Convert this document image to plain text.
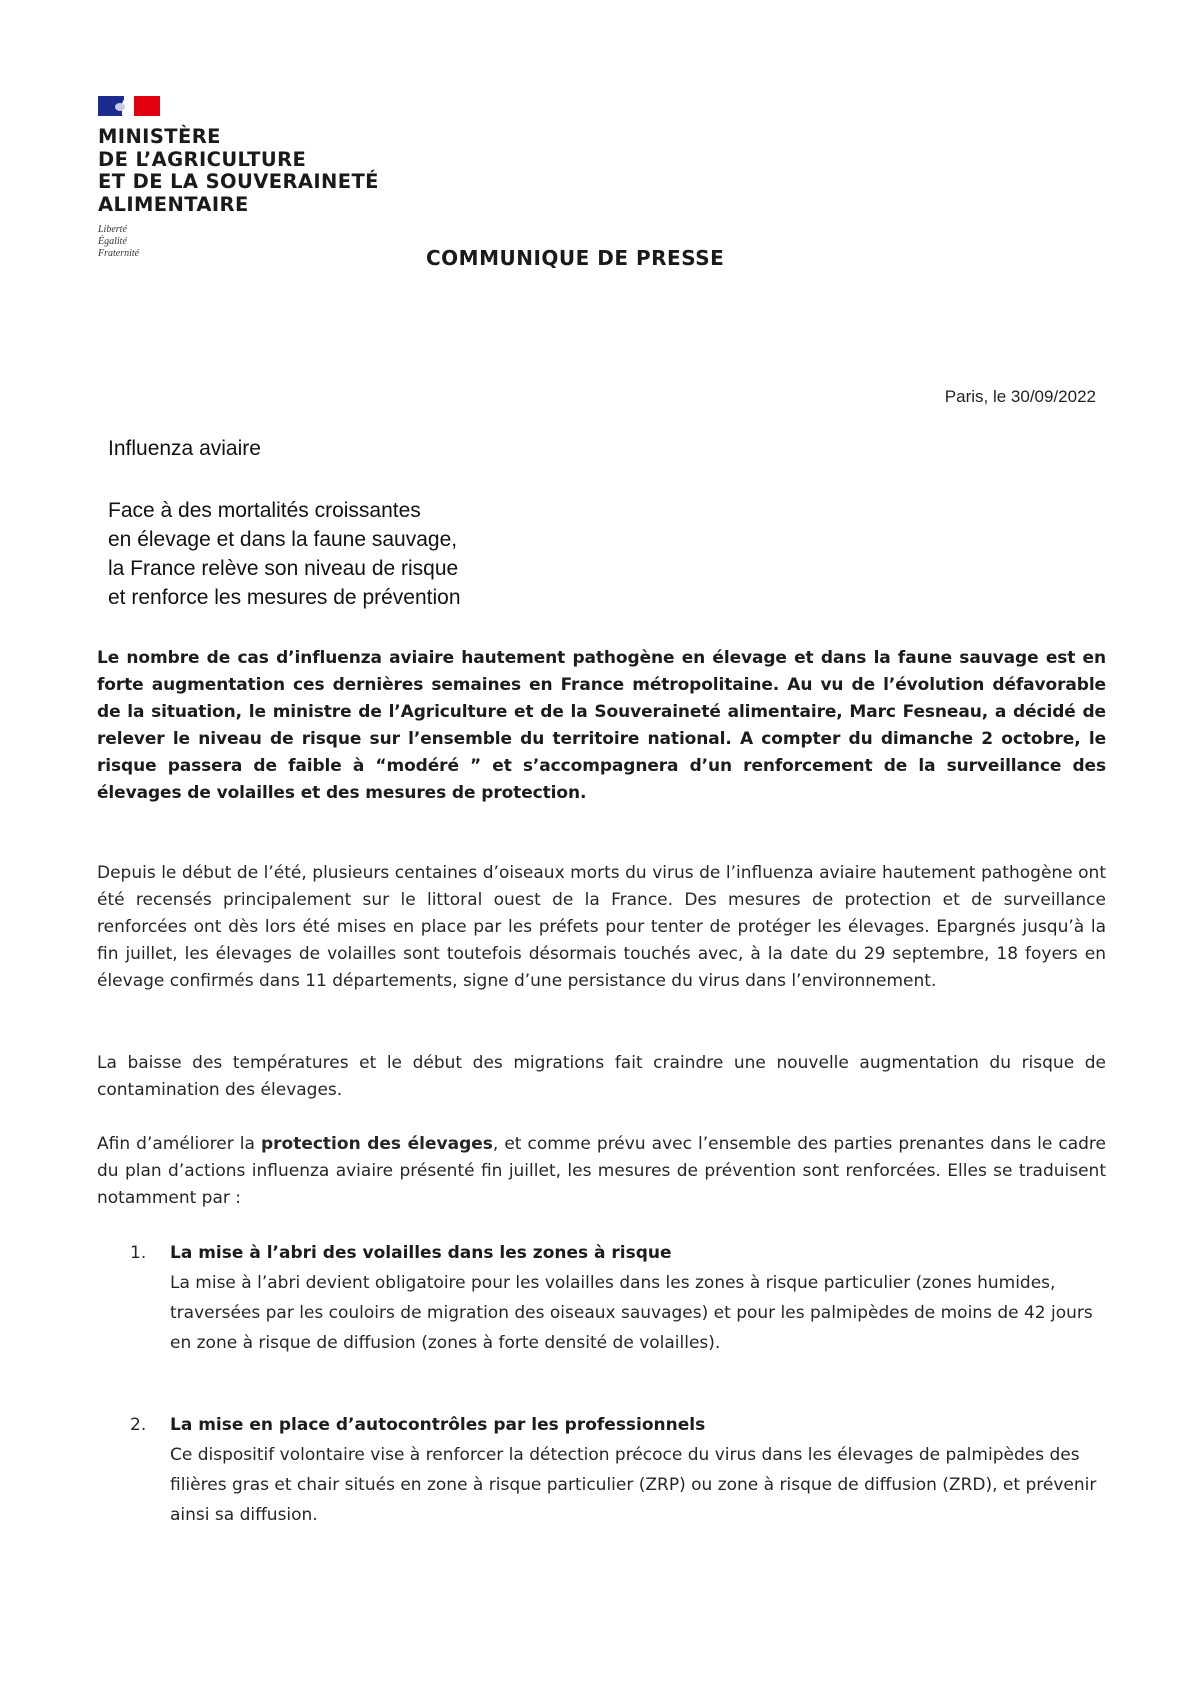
MINISTÈRE
DE L’AGRICULTURE
ET DE LA SOUVERAINETÉ
ALIMENTAIRE
Liberté
Égalité
Fraternité	COMMUNIQUE DE PRESSE
Paris, le 30/09/2022
Influenza aviaire
Face à des mortalités croissantes
en élevage et dans la faune sauvage,
la France relève son niveau de risque
et renforce les mesures de prévention
Le nombre de cas d’influenza aviaire hautement pathogène en élevage et dans la faune sauvage est en forte augmentation ces dernières semaines en France métropolitaine. Au vu de l’évolution défavorable de la situation, le ministre de l’Agriculture et de la Souveraineté alimentaire, Marc Fesneau, a décidé de relever le niveau de risque sur l’ensemble du territoire national. A compter du dimanche 2 octobre, le risque passera de faible à “modéré ” et s’accompagnera d’un renforcement de la surveillance des élevages de volailles et des mesures de protection.
Depuis le début de l’été, plusieurs centaines d’oiseaux morts du virus de l’influenza aviaire hautement pathogène ont été recensés principalement sur le littoral ouest de la France. Des mesures de protection et de surveillance renforcées ont dès lors été mises en place par les préfets pour tenter de protéger les élevages. Epargnés jusqu’à la fin juillet, les élevages de volailles sont toutefois désormais touchés avec, à la date du 29 septembre, 18 foyers en élevage confirmés dans 11 départements, signe d’une persistance du virus dans l’environnement.
La baisse des températures et le début des migrations fait craindre une nouvelle augmentation du risque de contamination des élevages.
Afin d’améliorer la protection des élevages, et comme prévu avec l’ensemble des parties prenantes dans le cadre du plan d’actions influenza aviaire présenté fin juillet, les mesures de prévention sont renforcées. Elles se traduisent notamment par :
1. La mise à l’abri des volailles dans les zones à risque
La mise à l’abri devient obligatoire pour les volailles dans les zones à risque particulier (zones humides, traversées par les couloirs de migration des oiseaux sauvages) et pour les palmipèdes de moins de 42 jours en zone à risque de diffusion (zones à forte densité de volailles).
2. La mise en place d’autocontrôles par les professionnels
Ce dispositif volontaire vise à renforcer la détection précoce du virus dans les élevages de palmipèdes des filières gras et chair situés en zone à risque particulier (ZRP) ou zone à risque de diffusion (ZRD), et prévenir ainsi sa diffusion.
